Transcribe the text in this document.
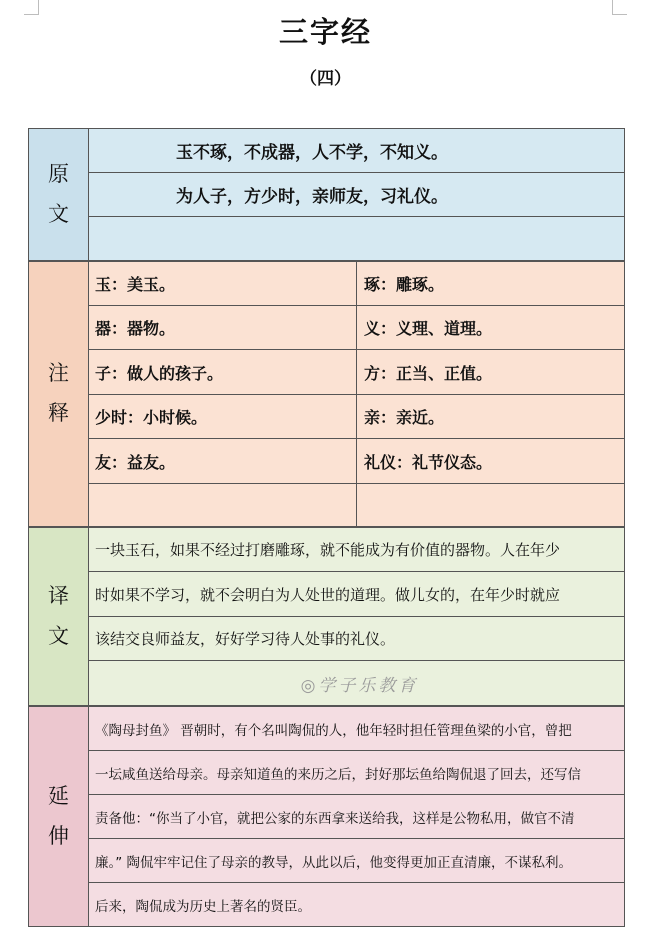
三字经
（四）
原
文
玉不琢，不成器，人不学，不知义。
为人子，方少时，亲师友，习礼仪。
注
释
玉：美玉。	琢：雕琢。
器：器物。	义：义理、道理。
子：做人的孩子。	方：正当、正值。
少时：小时候。	亲：亲近。
友：益友。	礼仪：礼节仪态。
译
文
一块玉石，如果不经过打磨雕琢，就不能成为有价值的器物。人在年少
时如果不学习，就不会明白为人处世的道理。做儿女的，在年少时就应
该结交良师益友，好好学习待人处事的礼仪。
◎学子乐教育
延
伸
《陶母封鱼》 晋朝时，有个名叫陶侃的人，他年轻时担任管理鱼梁的小官，曾把
一坛咸鱼送给母亲。母亲知道鱼的来历之后，封好那坛鱼给陶侃退了回去，还写信
责备他：“你当了小官，就把公家的东西拿来送给我，这样是公物私用，做官不清
廉。” 陶侃牢牢记住了母亲的教导，从此以后，他变得更加正直清廉，不谋私利。
后来，陶侃成为历史上著名的贤臣。
